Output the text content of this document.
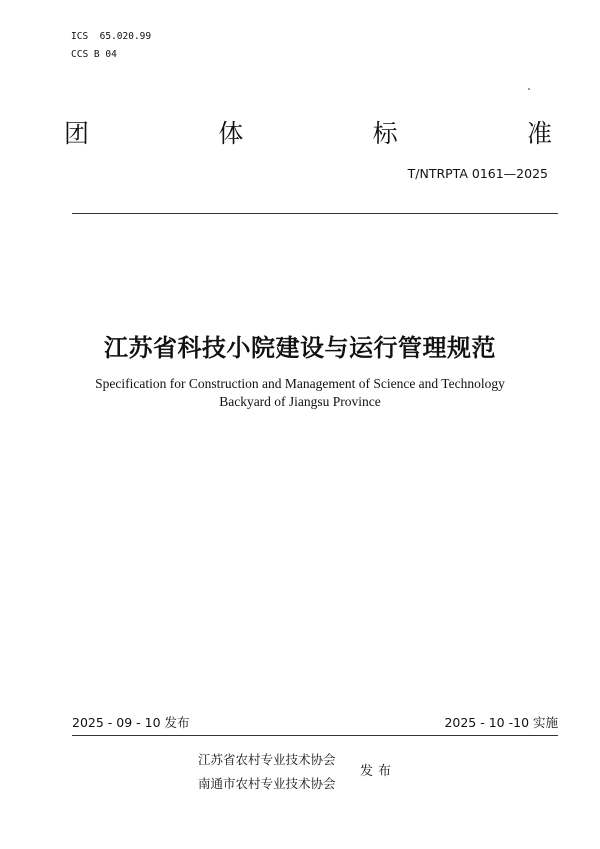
ICS 65.020.99
CCS B 04
团	体	标	准
T/NTRPTA 0161—2025
江苏省科技小院建设与运行管理规范
Specification for Construction and Management of Science and Technology
Backyard of Jiangsu Province
2025 - 09 - 10 发布	2025 - 10 -10 实施
江苏省农村专业技术协会
南通市农村专业技术协会
发布
